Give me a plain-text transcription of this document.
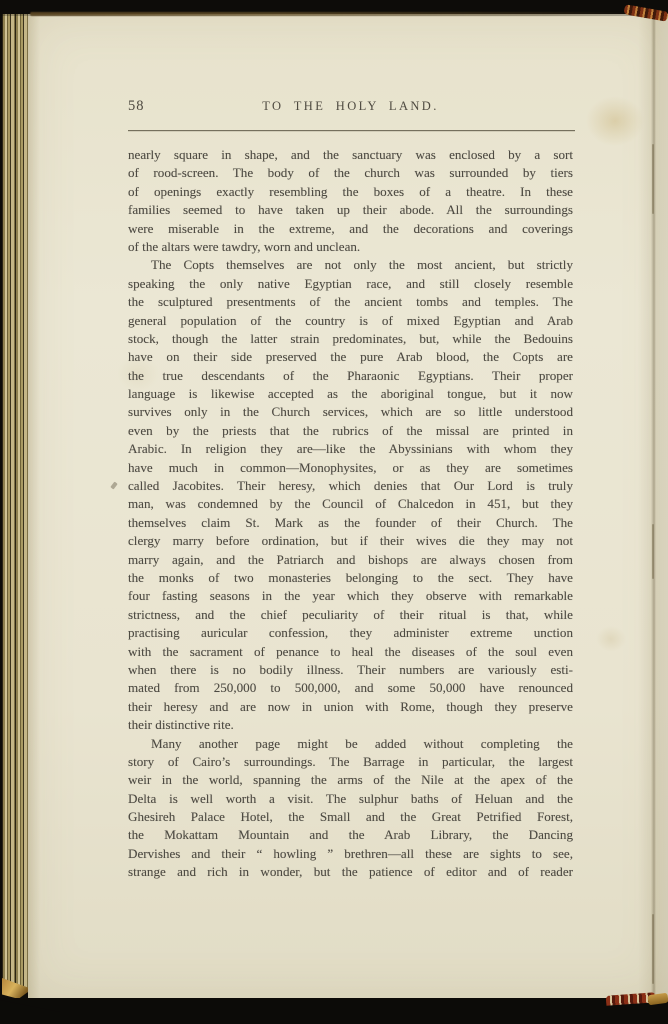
58	TO THE HOLY LAND.
nearly square in shape, and the sanctuary was enclosed by a sort
of rood-screen. The body of the church was surrounded by tiers
of openings exactly resembling the boxes of a theatre. In these
families seemed to have taken up their abode. All the surroundings
were miserable in the extreme, and the decorations and coverings
of the altars were tawdry, worn and unclean.
The Copts themselves are not only the most ancient, but strictly
speaking the only native Egyptian race, and still closely resemble
the sculptured presentments of the ancient tombs and temples. The
general population of the country is of mixed Egyptian and Arab
stock, though the latter strain predominates, but, while the Bedouins
have on their side preserved the pure Arab blood, the Copts are
the true descendants of the Pharaonic Egyptians. Their proper
language is likewise accepted as the aboriginal tongue, but it now
survives only in the Church services, which are so little understood
even by the priests that the rubrics of the missal are printed in
Arabic. In religion they are—like the Abyssinians with whom they
have much in common—Monophysites, or as they are sometimes
called Jacobites. Their heresy, which denies that Our Lord is truly
man, was condemned by the Council of Chalcedon in 451, but they
themselves claim St. Mark as the founder of their Church. The
clergy marry before ordination, but if their wives die they may not
marry again, and the Patriarch and bishops are always chosen from
the monks of two monasteries belonging to the sect. They have
four fasting seasons in the year which they observe with remarkable
strictness, and the chief peculiarity of their ritual is that, while
practising auricular confession, they administer extreme unction
with the sacrament of penance to heal the diseases of the soul even
when there is no bodily illness. Their numbers are variously esti-
mated from 250,000 to 500,000, and some 50,000 have renounced
their heresy and are now in union with Rome, though they preserve
their distinctive rite.
Many another page might be added without completing the
story of Cairo’s surroundings. The Barrage in particular, the largest
weir in the world, spanning the arms of the Nile at the apex of the
Delta is well worth a visit. The sulphur baths of Heluan and the
Ghesireh Palace Hotel, the Small and the Great Petrified Forest,
the Mokattam Mountain and the Arab Library, the Dancing
Dervishes and their “ howling ” brethren—all these are sights to see,
strange and rich in wonder, but the patience of editor and of reader
